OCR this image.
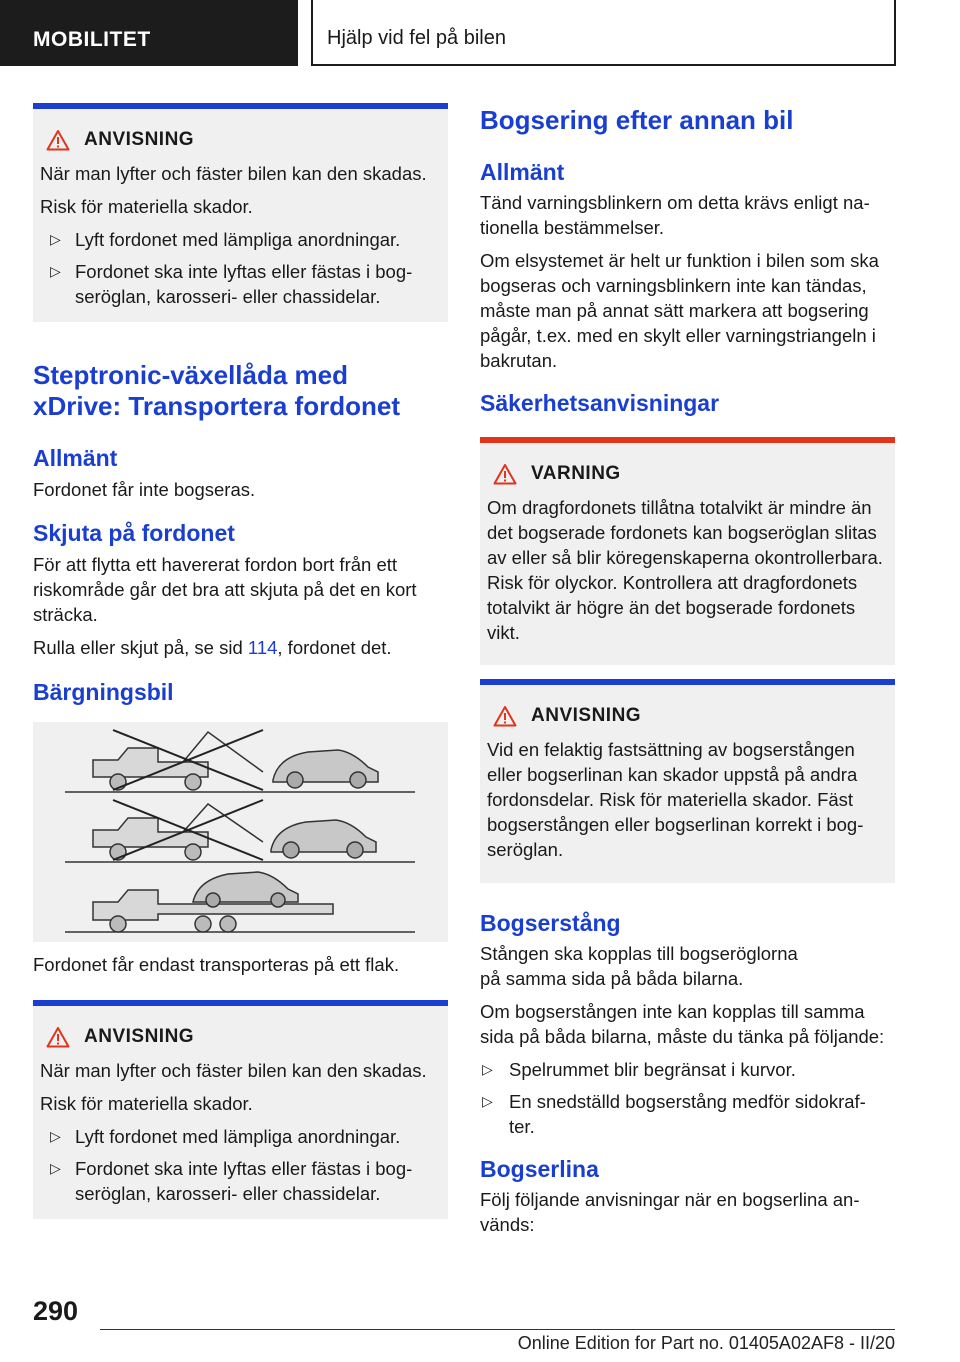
MOBILITET	Hjälp vid fel på bilen
ANVISNING

När man lyfter och fäster bilen kan den skadas.

Risk för materiella skador.

▷ Lyft fordonet med lämpliga anordningar.
▷ Fordonet ska inte lyftas eller fästas i bog-seröglan, karosseri- eller chassidelar.
Steptronic-växellåda med xDrive: Transportera fordonet
Allmänt

Fordonet får inte bogseras.

Skjuta på fordonet

För att flytta ett havererat fordon bort från ett riskområde går det bra att skjuta på det en kort sträcka.

Rulla eller skjut på, se sid 114, fordonet det.

Bärgningsbil

Fordonet får endast transporteras på ett flak.

ANVISNING

När man lyfter och fäster bilen kan den skadas.

Risk för materiella skador.

▷ Lyft fordonet med lämpliga anordningar.
▷ Fordonet ska inte lyftas eller fästas i bog-seröglan, karosseri- eller chassidelar.
Bogsering efter annan bil
Allmänt

Tänd varningsblinkern om detta krävs enligt na-tionella bestämmelser.

Om elsystemet är helt ur funktion i bilen som ska bogseras och varningsblinkern inte kan tändas, måste man på annat sätt markera att bogsering pågår, t.ex. med en skylt eller varningstriangeln i bakrutan.

Säkerhetsanvisningar
VARNING

Om dragfordonets tillåtna totalvikt är mindre än det bogserade fordonets kan bogseröglan slitas av eller så blir köregenskaperna okontrollerbara. Risk för olyckor. Kontrollera att dragfordonets totalvikt är högre än det bogserade fordonets vikt.

ANVISNING

Vid en felaktig fastsättning av bogserstången eller bogserlinan kan skador uppstå på andra fordonsdelar. Risk för materiella skador. Fäst bogserstången eller bogserlinan korrekt i bog-seröglan.

Bogserstång

Stången ska kopplas till bogseröglorna på samma sida på båda bilarna.

Om bogserstången inte kan kopplas till samma sida på båda bilarna, måste du tänka på följande:

▷ Spelrummet blir begränsat i kurvor.
▷ En snedställd bogserstång medför sidokraf-ter.
Bogserlina

Följ följande anvisningar när en bogserlina an-vänds:

290
Online Edition for Part no. 01405A02AF8 - II/20
